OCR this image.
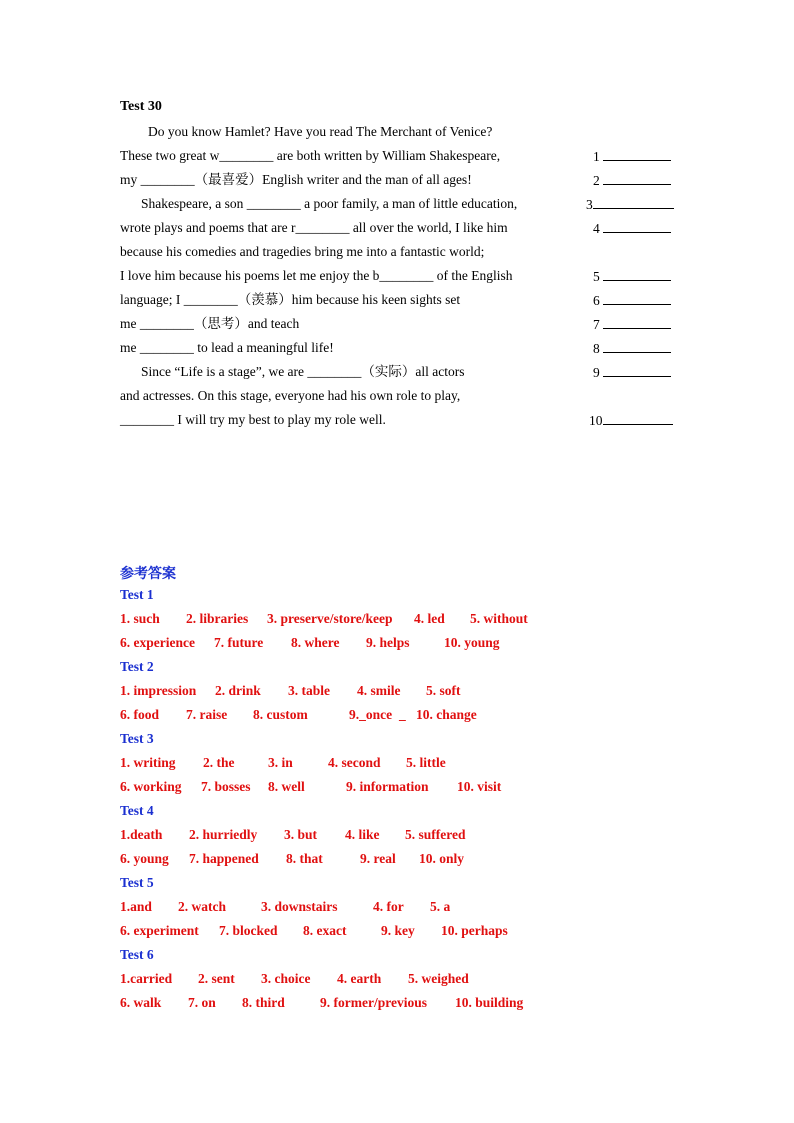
Test 30
Do you know Hamlet? Have you read The Merchant of Venice?
These two great w________ are both written by William Shakespeare,
my ________（最喜爱）English writer and the man of all ages!
Shakespeare, a son ________ a poor family, a man of little education,
wrote plays and poems that are r________ all over the world, I like him
because his comedies and tragedies bring me into a fantastic world;
I love him because his poems let me enjoy the b________ of the English
language; I ________（羡慕）him because his keen sights set
me ________（思考）and teach
me ________ to lead a meaningful life!
Since “Life is a stage”, we are ________（实际）all actors
and actresses. On this stage, everyone had his own role to play,
________ I will try my best to play my role well.
1
2
3
4
5
6
7
8
9
10
参考答案
Test 1
1. such 2. libraries 3. preserve/store/keep 4. led 5. without
6. experience 7. future 8. where 9. helps	10. young
Test 2
1. impression 2. drink 3. table 4. smile 5. soft
6. food 7. raise 8. custom	9._once _ 10. change
Test 3
1. writing 2. the 3. in	4. second 5. little
6. working 7. bosses 8. well	9. information 10. visit
Test 4
1.death 2. hurriedly 3. but 4. like 5. suffered
6. young 7. happened 8. that	9. real 10. only
Test 5
1.and 2. watch	3. downstairs	4. for 5. a
6. experiment 7. blocked 8. exact	9. key 10. perhaps
Test 6
1.carried 2. sent 3. choice 4. earth 5. weighed
6. walk 7. on 8. third	9. former/previous 10. building
